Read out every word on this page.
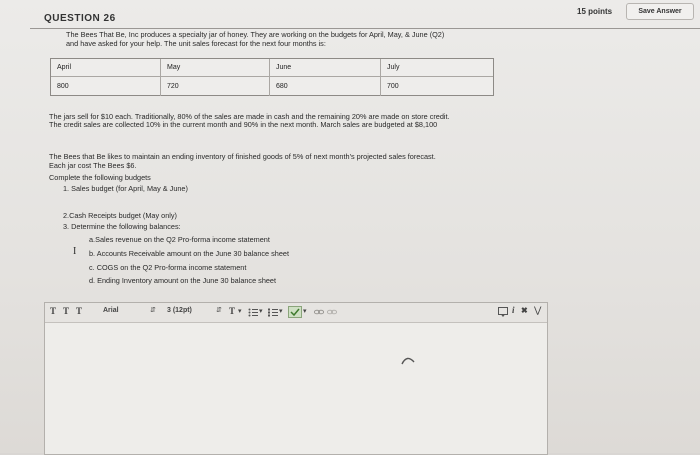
QUESTION 26
15 points	Save Answer
The Bees That Be, Inc produces a specialty jar of honey. They are working on the budgets for April, May, & June (Q2)
and have asked for your help. The unit sales forecast for the next four months is:
April	May	June	July
800	720	680	700
The jars sell for $10 each. Traditionally, 80% of the sales are made in cash and the remaining 20% are made on store credit.
The credit sales are collected 10% in the current month and 90% in the next month. March sales are budgeted at $8,100
The Bees that Be likes to maintain an ending inventory of finished goods of 5% of next month's projected sales forecast.
Each jar cost The Bees $6.
Complete the following budgets
1. Sales budget (for April, May & June)
2.Cash Receipts budget (May only)
3. Determine the following balances:
a.Sales revenue on the Q2 Pro-forma income statement
I b. Accounts Receivable amount on the June 30 balance sheet
c. COGS on the Q2 Pro-forma income statement
d. Ending Inventory amount on the June 30 balance sheet
T T T	Arial	⇵ 3 (12pt)	⇵ T ▾ ▾ ▾	▾	i ✖ ⋁
